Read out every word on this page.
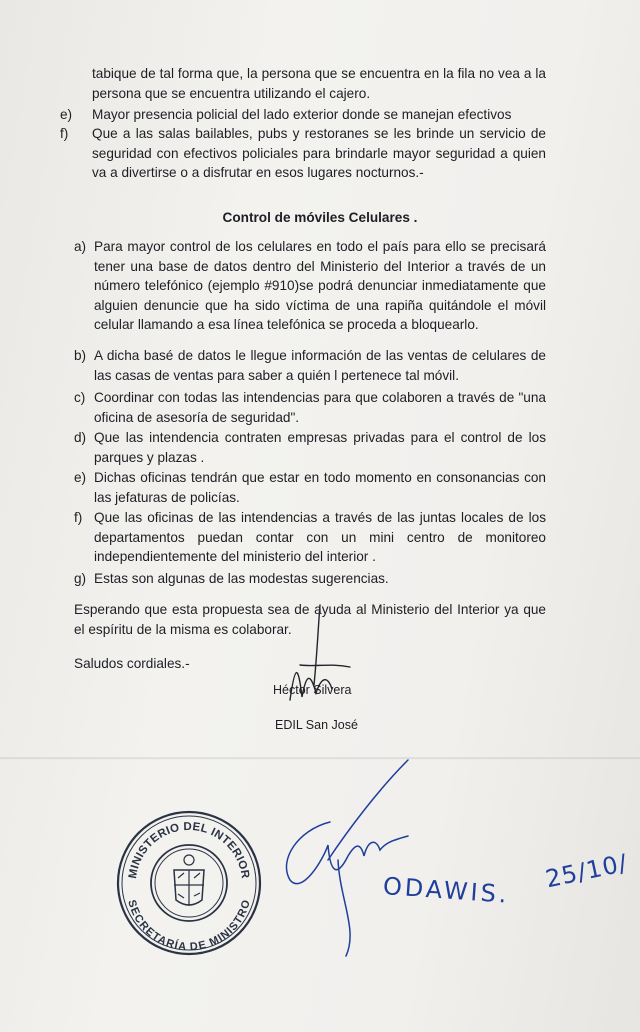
tabique de tal forma que, la persona que se encuentra en la fila no vea a la persona que se encuentra utilizando el cajero.
e)	Mayor presencia policial del lado exterior donde se manejan efectivos
f)	Que a las salas bailables, pubs y restoranes se les brinde un servicio de seguridad con efectivos policiales para brindarle mayor seguridad a quien va a divertirse o a disfrutar en esos lugares nocturnos.-
Control de móviles Celulares .
a) Para mayor control de los celulares en todo el país para ello se precisará tener una base de datos dentro del Ministerio del Interior a través de un número telefónico (ejemplo #910)se podrá denunciar inmediatamente que alguien denuncie que ha sido víctima de una rapiña quitándole el móvil celular llamando a esa línea telefónica se proceda a bloquearlo.
b) A dicha basé de datos le llegue información de las ventas de celulares de las casas de ventas para saber a quién l pertenece tal móvil.
c) Coordinar con todas las intendencias para que colaboren a través de "una oficina de asesoría de seguridad".
d) Que las intendencia contraten empresas privadas para el control de los parques y plazas .
e) Dichas oficinas tendrán que estar en todo momento en consonancias con las jefaturas de policías.
f) Que las oficinas de las intendencias a través de las juntas locales de los departamentos puedan contar con un mini centro de monitoreo independientemente del ministerio del interior .
g) Estas son algunas de las modestas sugerencias.
Esperando que esta propuesta sea de ayuda al Ministerio del Interior ya que el espíritu de la misma es colaborar.
Saludos cordiales.-
Héctor Silvera
EDIL San José
MINISTERIO DEL INTERIOR
SECRETARÍA DE MINISTRO	ODAWIS. 25/10/
